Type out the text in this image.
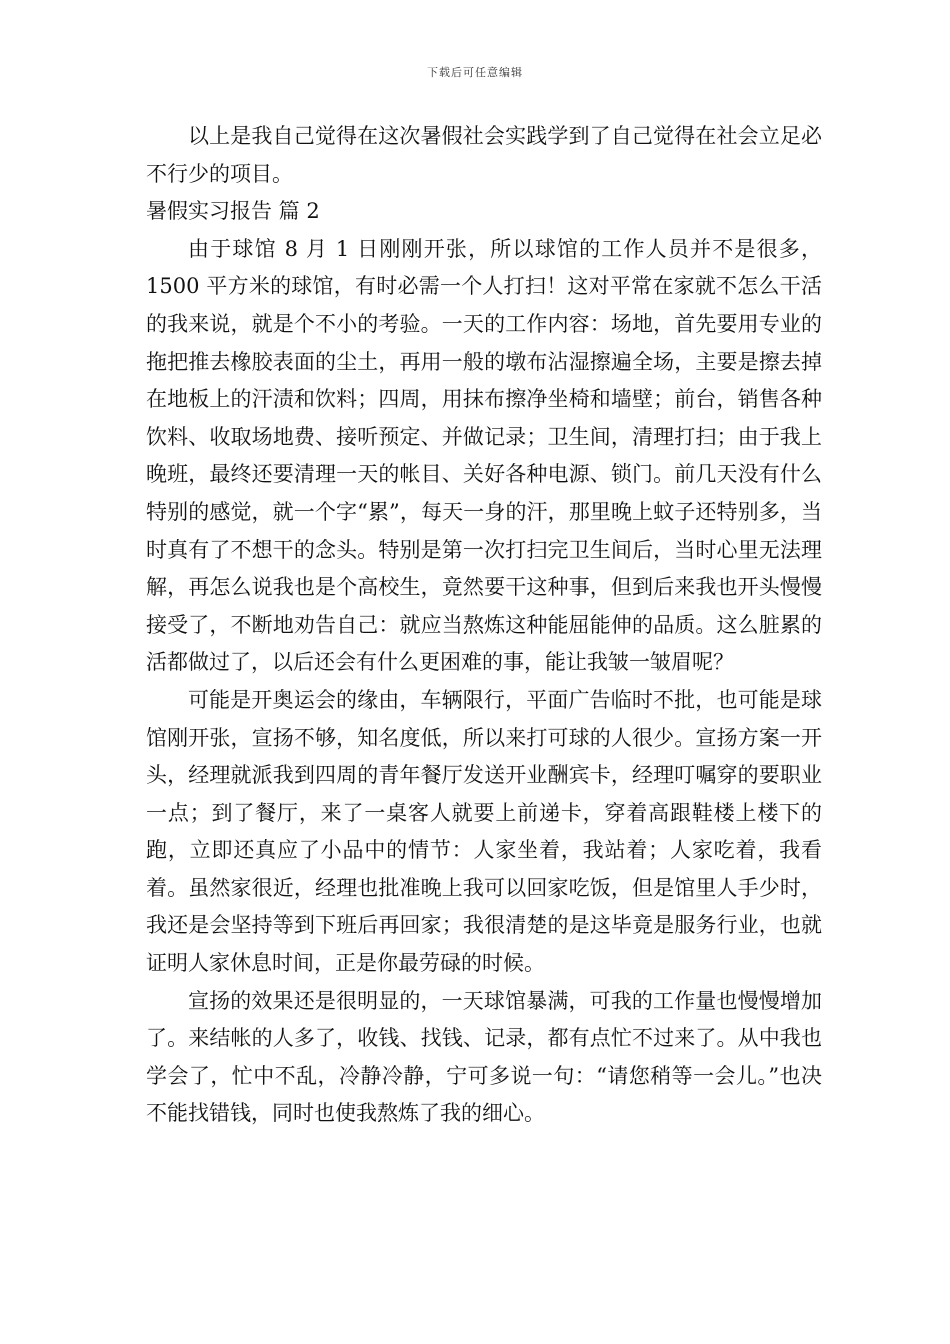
下载后可任意编辑

以上是我自己觉得在这次暑假社会实践学到了自己觉得在社会立足必不行少的项目。

暑假实习报告 篇 2

由于球馆 8 月 1 日刚刚开张，所以球馆的工作人员并不是很多，1500 平方米的球馆，有时必需一个人打扫！这对平常在家就不怎么干活的我来说，就是个不小的考验。一天的工作内容：场地，首先要用专业的拖把推去橡胶表面的尘土，再用一般的墩布沾湿擦遍全场，主要是擦去掉在地板上的汗渍和饮料；四周，用抹布擦净坐椅和墙壁；前台，销售各种饮料、收取场地费、接听预定、并做记录；卫生间，清理打扫；由于我上晚班，最终还要清理一天的帐目、关好各种电源、锁门。前几天没有什么特别的感觉，就一个字“累”，每天一身的汗，那里晚上蚊子还特别多，当时真有了不想干的念头。特别是第一次打扫完卫生间后，当时心里无法理解，再怎么说我也是个高校生，竟然要干这种事，但到后来我也开头慢慢接受了，不断地劝告自己：就应当熬炼这种能屈能伸的品质。这么脏累的活都做过了，以后还会有什么更困难的事，能让我皱一皱眉呢？

可能是开奥运会的缘由，车辆限行，平面广告临时不批，也可能是球馆刚开张，宣扬不够，知名度低，所以来打可球的人很少。宣扬方案一开头，经理就派我到四周的青年餐厅发送开业酬宾卡，经理叮嘱穿的要职业一点；到了餐厅，来了一桌客人就要上前递卡，穿着高跟鞋楼上楼下的跑，立即还真应了小品中的情节：人家坐着，我站着；人家吃着，我看着。虽然家很近，经理也批准晚上我可以回家吃饭，但是馆里人手少时，我还是会坚持等到下班后再回家；我很清楚的是这毕竟是服务行业，也就证明人家休息时间，正是你最劳碌的时候。

宣扬的效果还是很明显的，一天球馆暴满，可我的工作量也慢慢增加了。来结帐的人多了，收钱、找钱、记录，都有点忙不过来了。从中我也学会了，忙中不乱，冷静冷静，宁可多说一句：“请您稍等一会儿。”也决不能找错钱，同时也使我熬炼了我的细心。
